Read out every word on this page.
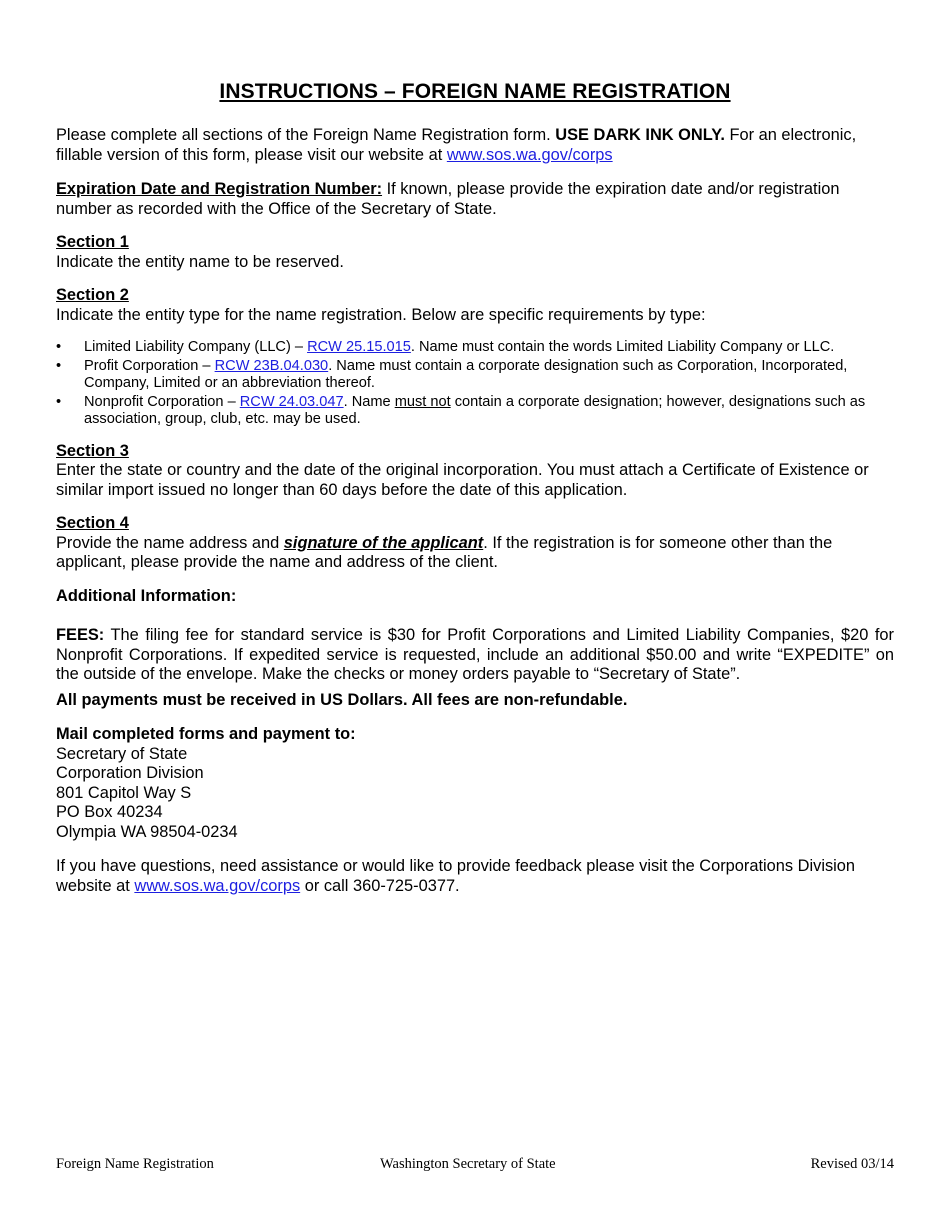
INSTRUCTIONS – FOREIGN NAME REGISTRATION

Please complete all sections of the Foreign Name Registration form. USE DARK INK ONLY. For an electronic, fillable version of this form, please visit our website at www.sos.wa.gov/corps

Expiration Date and Registration Number: If known, please provide the expiration date and/or registration number as recorded with the Office of the Secretary of State.

Section 1

Indicate the entity name to be reserved.

Section 2

Indicate the entity type for the name registration. Below are specific requirements by type:

• Limited Liability Company (LLC) – RCW 25.15.015. Name must contain the words Limited Liability Company or LLC.
• Profit Corporation – RCW 23B.04.030. Name must contain a corporate designation such as Corporation, Incorporated, Company, Limited or an abbreviation thereof.
• Nonprofit Corporation – RCW 24.03.047. Name must not contain a corporate designation; however, designations such as association, group, club, etc. may be used.

Section 3

Enter the state or country and the date of the original incorporation. You must attach a Certificate of Existence or similar import issued no longer than 60 days before the date of this application.

Section 4

Provide the name address and signature of the applicant. If the registration is for someone other than the applicant, please provide the name and address of the client.

Additional Information:

FEES: The filing fee for standard service is $30 for Profit Corporations and Limited Liability Companies, $20 for Nonprofit Corporations. If expedited service is requested, include an additional $50.00 and write “EXPEDITE” on the outside of the envelope. Make the checks or money orders payable to “Secretary of State”.

All payments must be received in US Dollars. All fees are non-refundable.

Mail completed forms and payment to:

Secretary of State

Corporation Division

801 Capitol Way S

PO Box 40234

Olympia WA 98504-0234

If you have questions, need assistance or would like to provide feedback please visit the Corporations Division website at www.sos.wa.gov/corps or call 360-725-0377.

Foreign Name Registration	Washington Secretary of State	Revised 03/14
